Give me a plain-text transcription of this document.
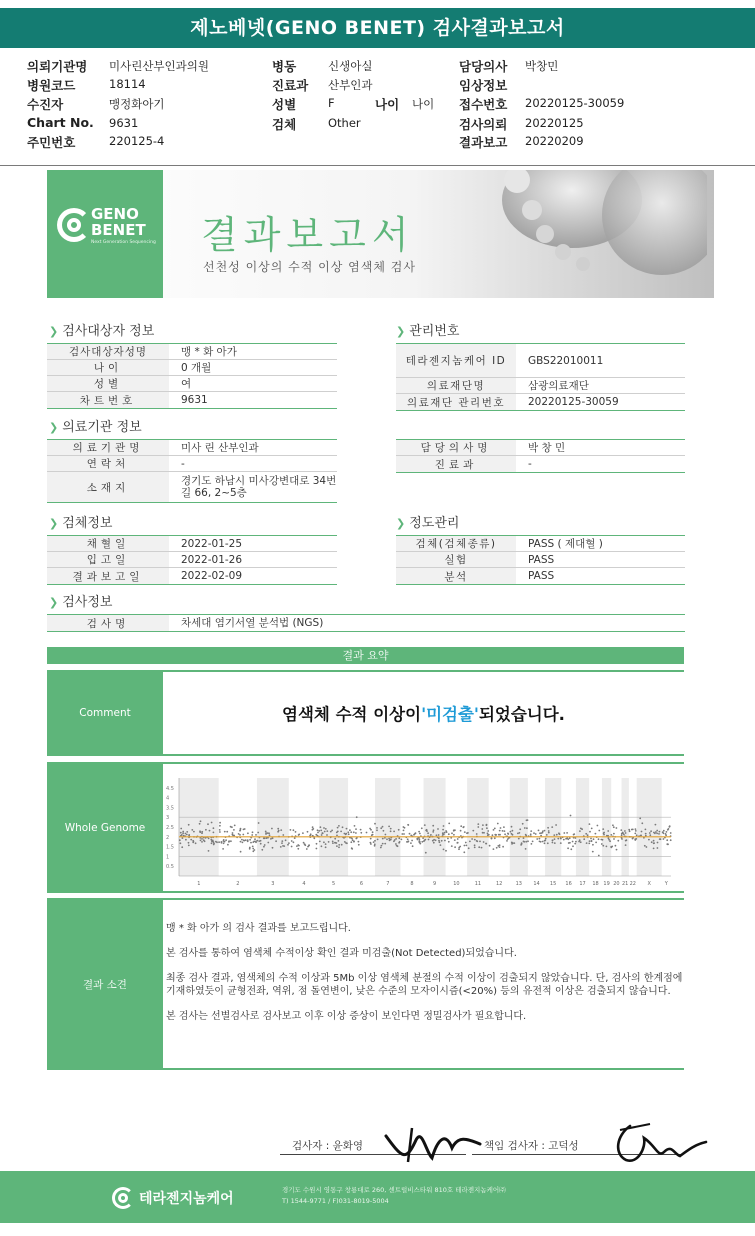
제노베넷(GENO BENET) 검사결과보고서
의뢰기관명 미사린산부인과의원
병원코드	18114
수진자	맹정화아기
Chart No. 9631
주민번호	220125-4
병동	신생아실
진료과 산부인과
성별	F	나이 나이
검체	Other
담당의사 박창민
임상정보
접수번호 20220125-30059
검사의뢰 20220125
결과보고 20220209
GENO
BENET
Next Generation Sequencing 결과보고서
선천성 이상의 수적 이상 염색체 검사
❯ 검사대상자 정보	❯ 관리번호
❯ 의료기관 정보
❯ 검체정보	❯ 정도관리
❯ 검사정보
검사대상자성명	맹 * 화 아가
나이	0 개월
성별	여
차트번호	9631
테라젠지놈케어 ID	GBS22010011
의료재단명	삼광의료재단
의료재단 관리번호	20220125-30059
의료기관명	미사 린 산부인과
연락처	-
소재지
경기도 하남시 미사강변대로 34번길 66, 2~5층
담당의사명	박 창 민
진료과	-
채혈일	2022-01-25
입고일	2022-01-26
결과보고일	2022-02-09
검체(검체종류)	PASS ( 제대혈 )
실험	PASS
분석	PASS
검사명	차세대 염기서열 분석법 (NGS)
결과 요약
Comment	염색체 수적 이상이 '미검출' 되었습니다.
Whole Genome
4.5
4
3.5
3
2.5
2
1.5
1
0.5
1	2	3	4	5	6	7	8	9	10	11	12	13 14 15 16 17 18 19 20 21 22 X	Y
결과 소견

맹 * 화 아가 의 검사 결과를 보고드립니다.

본 검사를 통하여 염색체 수적이상 확인 결과 미검출(Not Detected)되었습니다.

최종 검사 결과, 염색체의 수적 이상과 5Mb 이상 염색체 분절의 수적 이상이 검출되지 않았습니다. 단, 검사의 한계점에 기재하였듯이 균형전좌, 역위, 점 돌연변이, 낮은 수준의 모자이시즘(<20%) 등의 유전적 이상은 검출되지 않습니다.

본 검사는 선별검사로 검사보고 이후 이상 증상이 보인다면 정밀검사가 필요합니다.

검사자 : 윤화영	책임 검사자 : 고덕성
테라젠지놈케어
경기도 수원시 영통구 창룡대로 260, 센트럴비스타워 810호 테라젠지놈케어㈜
T) 1544-9771 / F)031-8019-5004
